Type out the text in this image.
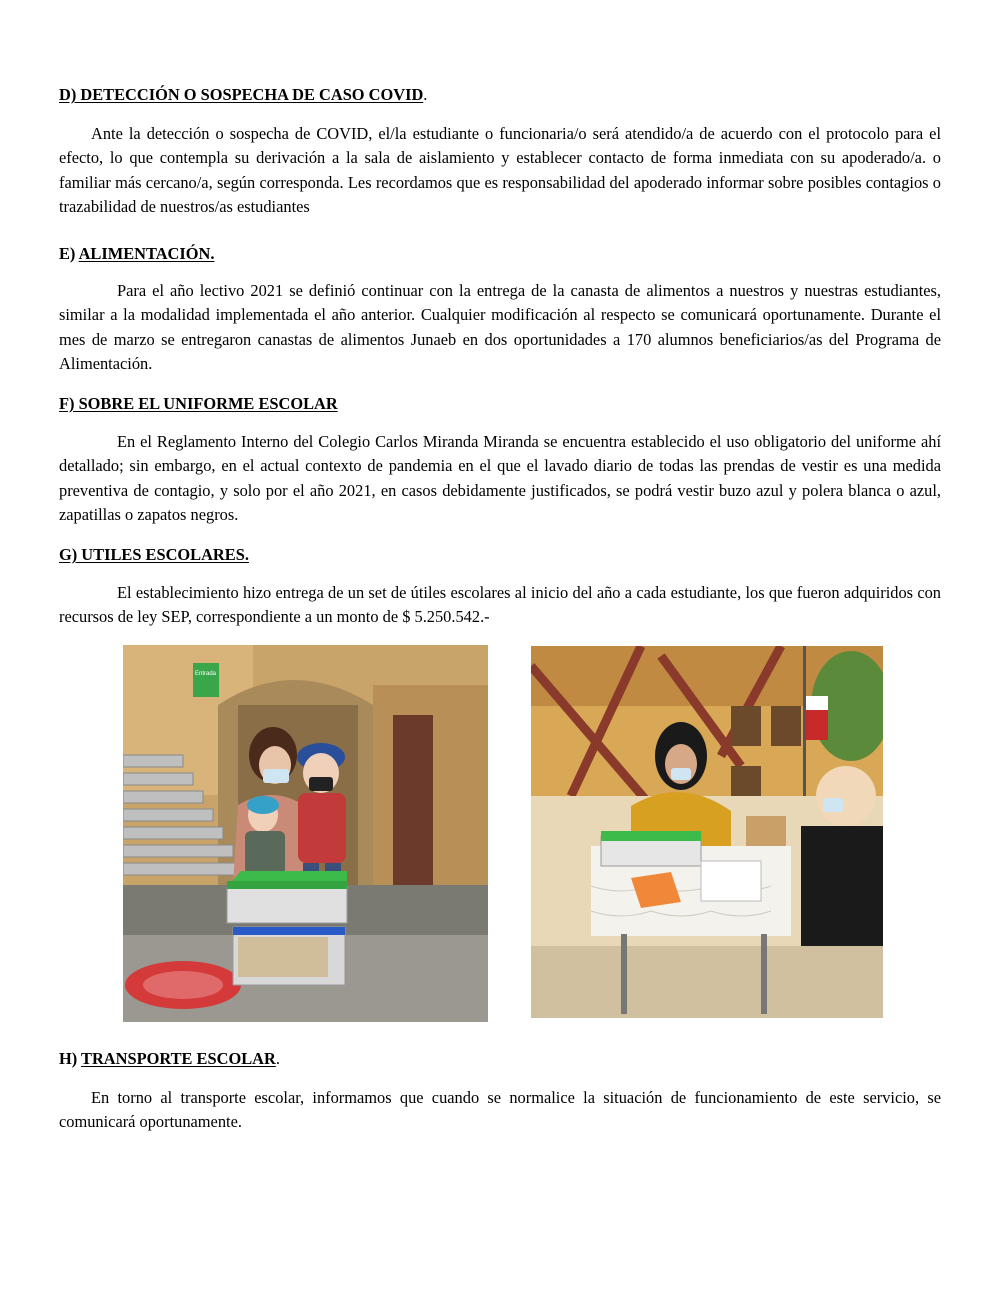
D) DETECCIÓN O SOSPECHA DE CASO COVID.
Ante la detección o sospecha de COVID, el/la estudiante o funcionaria/o será atendido/a de acuerdo con el protocolo para el efecto, lo que contempla su derivación a la sala de aislamiento y establecer contacto de forma inmediata con su apoderado/a. o familiar más cercano/a, según corresponda. Les recordamos que es responsabilidad del apoderado informar sobre posibles contagios o trazabilidad de nuestros/as estudiantes
E) ALIMENTACIÓN.
Para el año lectivo 2021 se definió continuar con la entrega de la canasta de alimentos a nuestros y nuestras estudiantes, similar a la modalidad implementada el año anterior. Cualquier modificación al respecto se comunicará oportunamente. Durante el mes de marzo se entregaron canastas de alimentos Junaeb en dos oportunidades a 170 alumnos beneficiarios/as del Programa de Alimentación.
F) SOBRE EL UNIFORME ESCOLAR
En el Reglamento Interno del Colegio Carlos Miranda Miranda se encuentra establecido el uso obligatorio del uniforme ahí detallado; sin embargo, en el actual contexto de pandemia en el que el lavado diario de todas las prendas de vestir es una medida preventiva de contagio, y solo por el año 2021, en casos debidamente justificados, se podrá vestir buzo azul y polera blanca o azul, zapatillas o zapatos negros.
G) UTILES ESCOLARES.
El establecimiento hizo entrega de un set de útiles escolares al inicio del año a cada estudiante, los que fueron adquiridos con recursos de ley SEP, correspondiente a un monto de $ 5.250.542.-
H) TRANSPORTE ESCOLAR.
En torno al transporte escolar, informamos que cuando se normalice la situación de funcionamiento de este servicio, se comunicará oportunamente.
Entrada
